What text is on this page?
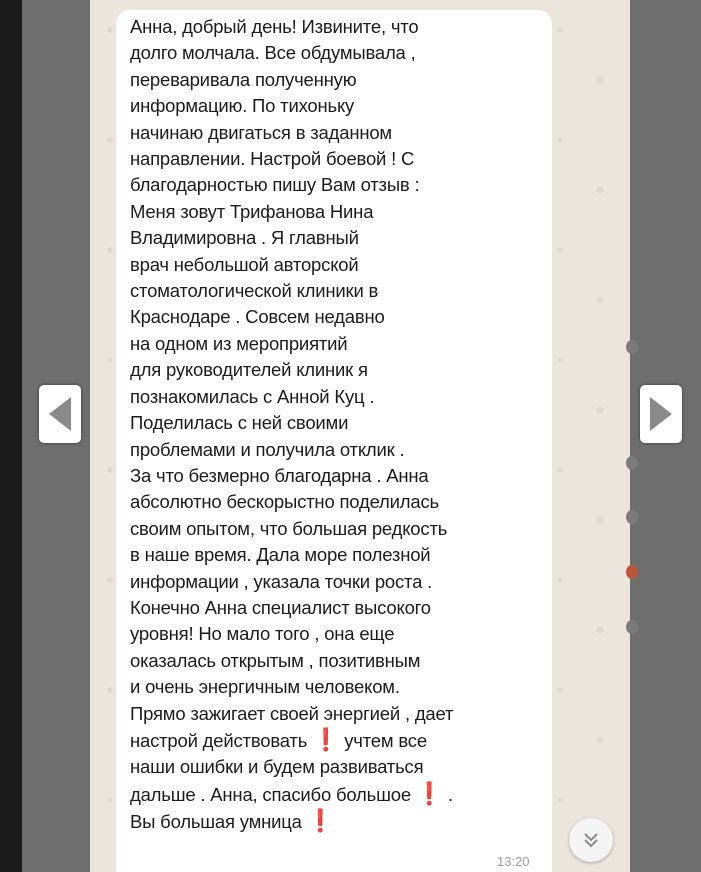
Анна, добрый день! Извините, что
долго молчала. Все обдумывала ,
переваривала полученную
информацию. По тихоньку
начинаю двигаться в заданном
направлении. Настрой боевой ! С
благодарностью пишу Вам отзыв :
Меня зовут Трифанова Нина
Владимировна . Я главный
врач небольшой авторской
стоматологической клиники в
Краснодаре . Совсем недавно
на одном из мероприятий
для руководителей клиник я
познакомилась с Анной Куц .
Поделилась с ней своими
проблемами и получила отклик .
За что безмерно благодарна . Анна
абсолютно бескорыстно поделилась
своим опытом, что большая редкость
в наше время. Дала море полезной
информации , указала точки роста .
Конечно Анна специалист высокого
уровня! Но мало того , она еще
оказалась открытым , позитивным
и очень энергичным человеком.
Прямо зажигает своей энергией , дает
настрой действовать ❗ учтем все
наши ошибки и будем развиваться
дальше . Анна, спасибо большое ❗ .
Вы большая умница ❗

13:20
